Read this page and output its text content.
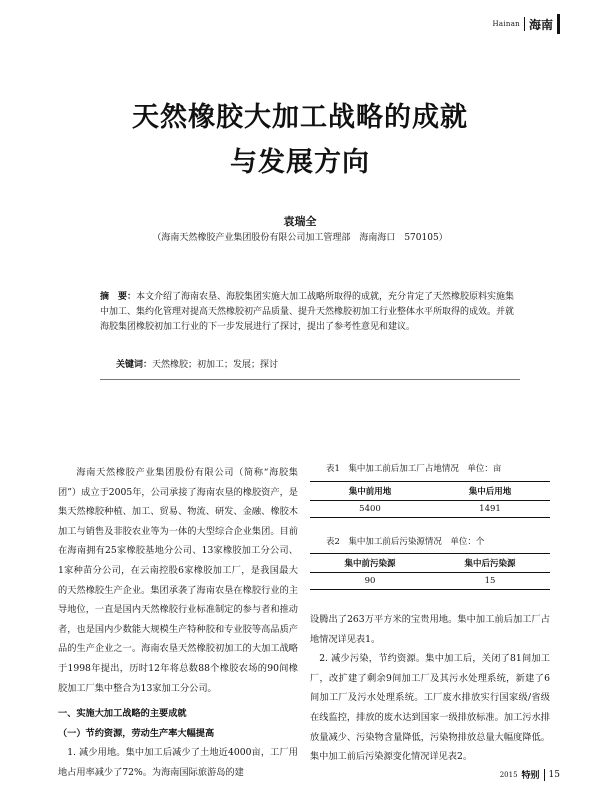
Hainan 海南
天然橡胶大加工战略的成就
与发展方向
袁瑞全
（海南天然橡胶产业集团股份有限公司加工管理部　海南海口　570105）
摘　要：本文介绍了海南农垦、海胶集团实施大加工战略所取得的成就，充分肯定了天然橡胶原料实施集中加工、集约化管理对提高天然橡胶初产品质量、提升天然橡胶初加工行业整体水平所取得的成效。并就海胶集团橡胶初加工行业的下一步发展进行了探讨，提出了参考性意见和建议。
关键词：天然橡胶；初加工；发展；探讨

海南天然橡胶产业集团股份有限公司（简称“海胶集团”）成立于2005年，公司承接了海南农垦的橡胶资产，是集天然橡胶种植、加工、贸易、物流、研发、金融、橡胶木加工与销售及非胶农业等为一体的大型综合企业集团。目前在海南拥有25家橡胶基地分公司、13家橡胶加工分公司、1家种苗分公司，在云南控股6家橡胶加工厂，是我国最大的天然橡胶生产企业。集团承袭了海南农垦在橡胶行业的主导地位，一直是国内天然橡胶行业标准制定的参与者和推动者，也是国内少数能大规模生产特种胶和专业胶等高品质产品的生产企业之一。海南农垦天然橡胶初加工的大加工战略于1998年提出，历时12年将总数88个橡胶农场的90间橡胶加工厂集中整合为13家加工分公司。

一、实施大加工战略的主要成就

（一）节约资源，劳动生产率大幅提高

1. 减少用地。集中加工后减少了土地近4000亩，工厂用地占用率减少了72%。为海南国际旅游岛的建

表1　集中加工前后加工厂占地情况　单位：亩
集中前用地	集中后用地
5400	1491
表2　集中加工前后污染源情况　单位：个
集中前污染源	集中后污染源
90	15

设腾出了263万平方米的宝贵用地。集中加工前后加工厂占地情况详见表1。

2. 减少污染，节约资源。集中加工后，关闭了81间加工厂，改扩建了剩余9间加工厂及其污水处理系统，新建了6间加工厂及污水处理系统。工厂废水排放实行国家级/省级在线监控，排放的废水达到国家一级排放标准。加工污水排放量减少、污染物含量降低，污染物排放总量大幅度降低。集中加工前后污染源变化情况详见表2。

2015 特别 15
